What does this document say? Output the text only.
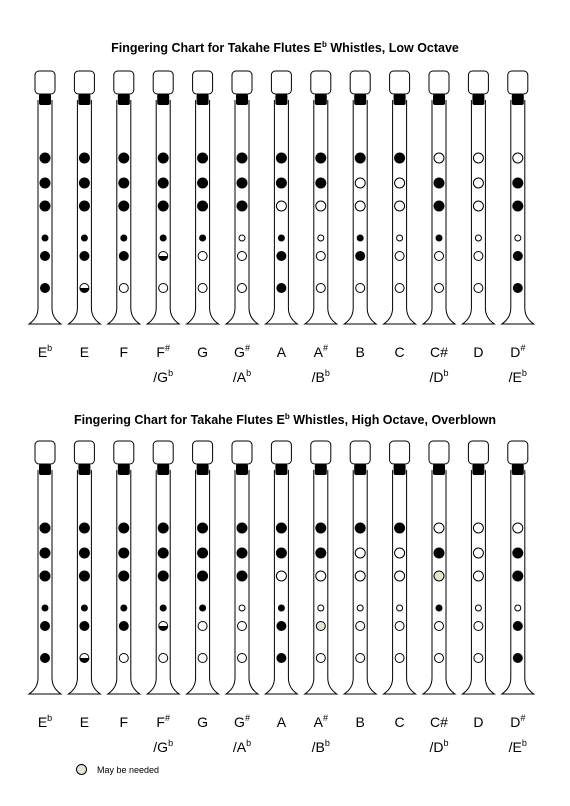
Fingering Chart for Takahe Flutes $E^b$ Whistles, Low Octave
$E^b$ E F F#
$/G^b$
G G#
$/A^b$
A A#
$/B^b$
B C C#
$/D^b$
D D#
$/E^b$
Fingering Chart for Takahe Flutes $E^b$ Whistles, High Octave, Overblown
$E^b$ E F F#
$/G^b$
G G#
$/A^b$
A A#
$/B^b$
B C C#
$/D^b$
D D#
$/E^b$
May be needed
